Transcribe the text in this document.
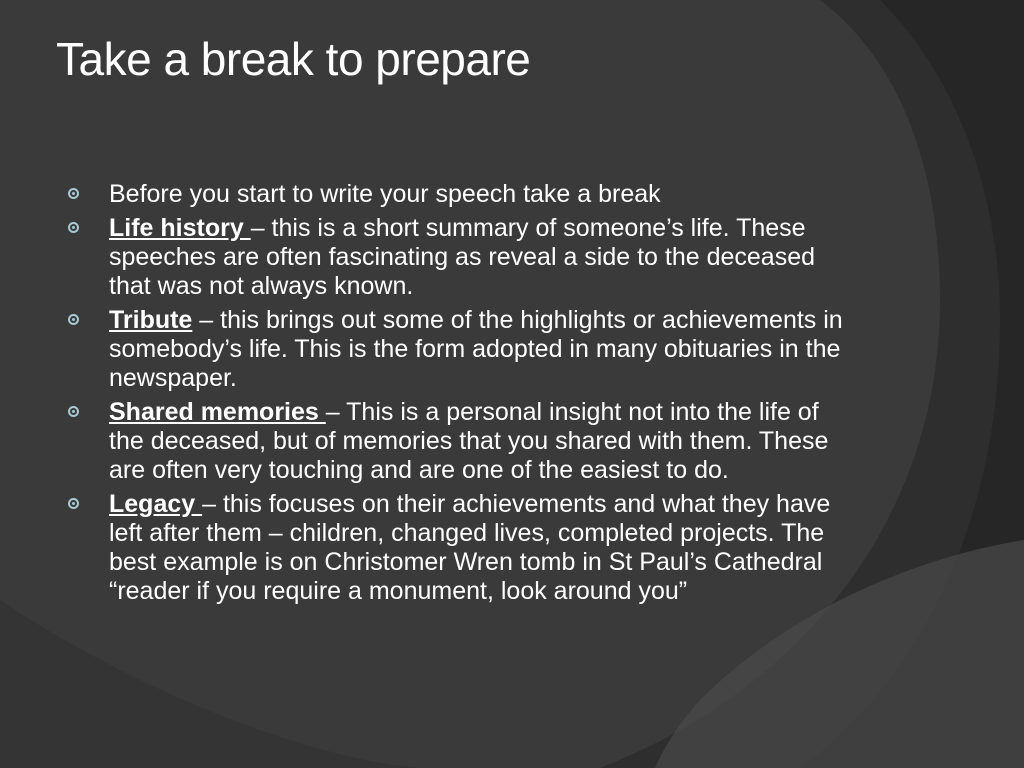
Take a break to prepare
Before you start to write your speech take a break
Life history – this is a short summary of someone’s life. These speeches are often fascinating as reveal a side to the deceased that was not always known.
Tribute – this brings out some of the highlights or achievements in somebody’s life. This is the form adopted in many obituaries in the newspaper.
Shared memories – This is a personal insight not into the life of the deceased, but of memories that you shared with them. These are often very touching and are one of the easiest to do.
Legacy – this focuses on their achievements and what they have left after them – children, changed lives, completed projects. The best example is on Christomer Wren tomb in St Paul’s Cathedral “reader if you require a monument, look around you”
